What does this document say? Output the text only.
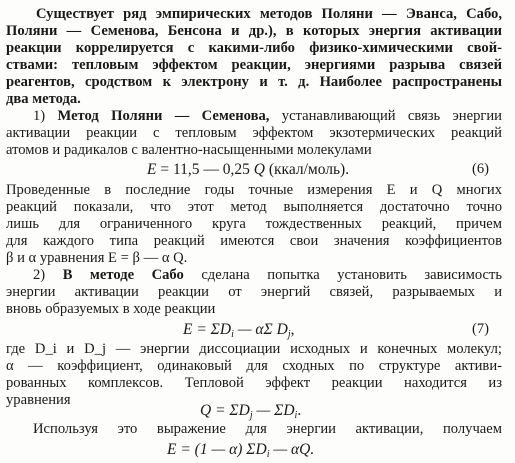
Существует ряд эмпирических методов Поляни — Эванса, Сабо,
Поляни — Семенова, Бенсона и др.), в которых энергия активации
реакции коррелируется с какими-либо физико-химическими свой-
ствами: тепловым эффектом реакции, энергиями разрыва связей
реагентов, сродством к электрону и т. д. Наиболее распространены
два метода.
1) Метод Поляни — Семенова, устанавливающий связь энергии
активации реакции с тепловым эффектом экзотермических реакций
атомов и радикалов с валентно-насыщенными молекулами
E = 11,5 — 0,25 Q (ккал/моль).	(6)
Проведенные в последние годы точные измерения E и Q многих
реакций показали, что этот метод выполняется достаточно точно
лишь для ограниченного круга тождественных реакций, причем
для каждого типа реакций имеются свои значения коэффициентов
β и α уравнения E = β — α Q.
2) В методе Сабо сделана попытка установить зависимость
энергии активации реакции от энергий связей, разрываемых и
вновь образуемых в ходе реакции
$E = \Sigma D_i$ — αΣ $D_j$,	(7)
где D_i и D_j — энергии диссоциации исходных и конечных молекул;
α — коэффициент, одинаковый для сходных по структуре активи-
рованных комплексов. Тепловой эффект реакции находится из
уравнения
$Q = \Sigma D_j$ — $\Sigma D_i$.
Используя это выражение для энергии активации, получаем
E = (1 — α) $\Sigma D_i$ — αQ.
